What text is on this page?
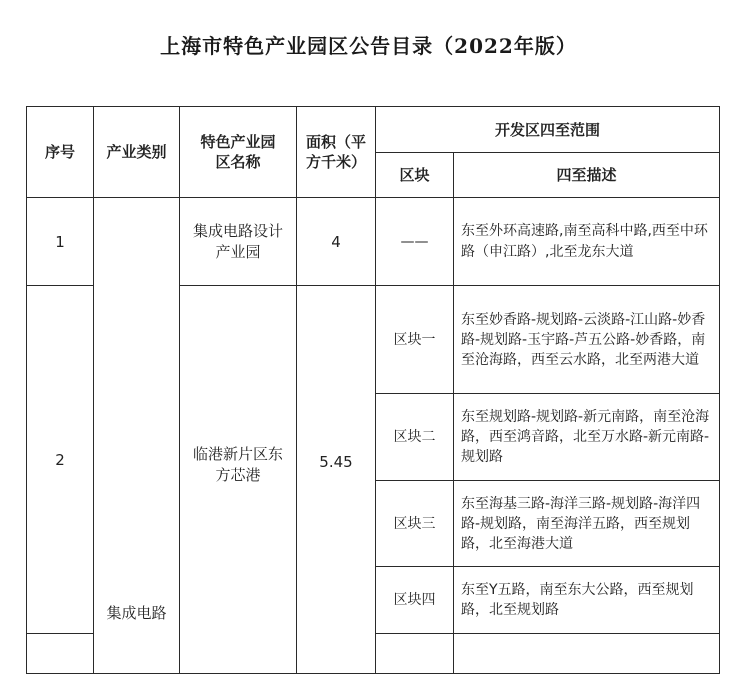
上海市特色产业园区公告目录（2022年版）
序号	产业类别	特色产业园区名称	面积（平方千米）	开发区四至范围	

				区块	四至描述

1	集成电路	集成电路设计产业园	4	——	东至外环高速路,南至高科中路,西至中环路（申江路）,北至龙东大道

2		临港新片区东方芯港	5.45	区块一	东至妙香路-规划路-云淡路-江山路-妙香路-规划路-玉宇路-芦五公路-妙香路，南至沧海路，西至云水路，北至两港大道

				区块二	东至规划路-规划路-新元南路，南至沧海路，西至鸿音路，北至万水路-新元南路-规划路

				区块三	东至海基三路-海洋三路-规划路-海洋四路-规划路，南至海洋五路，西至规划路，北至海港大道

				区块四	东至Y五路，南至东大公路，西至规划路，北至规划路
